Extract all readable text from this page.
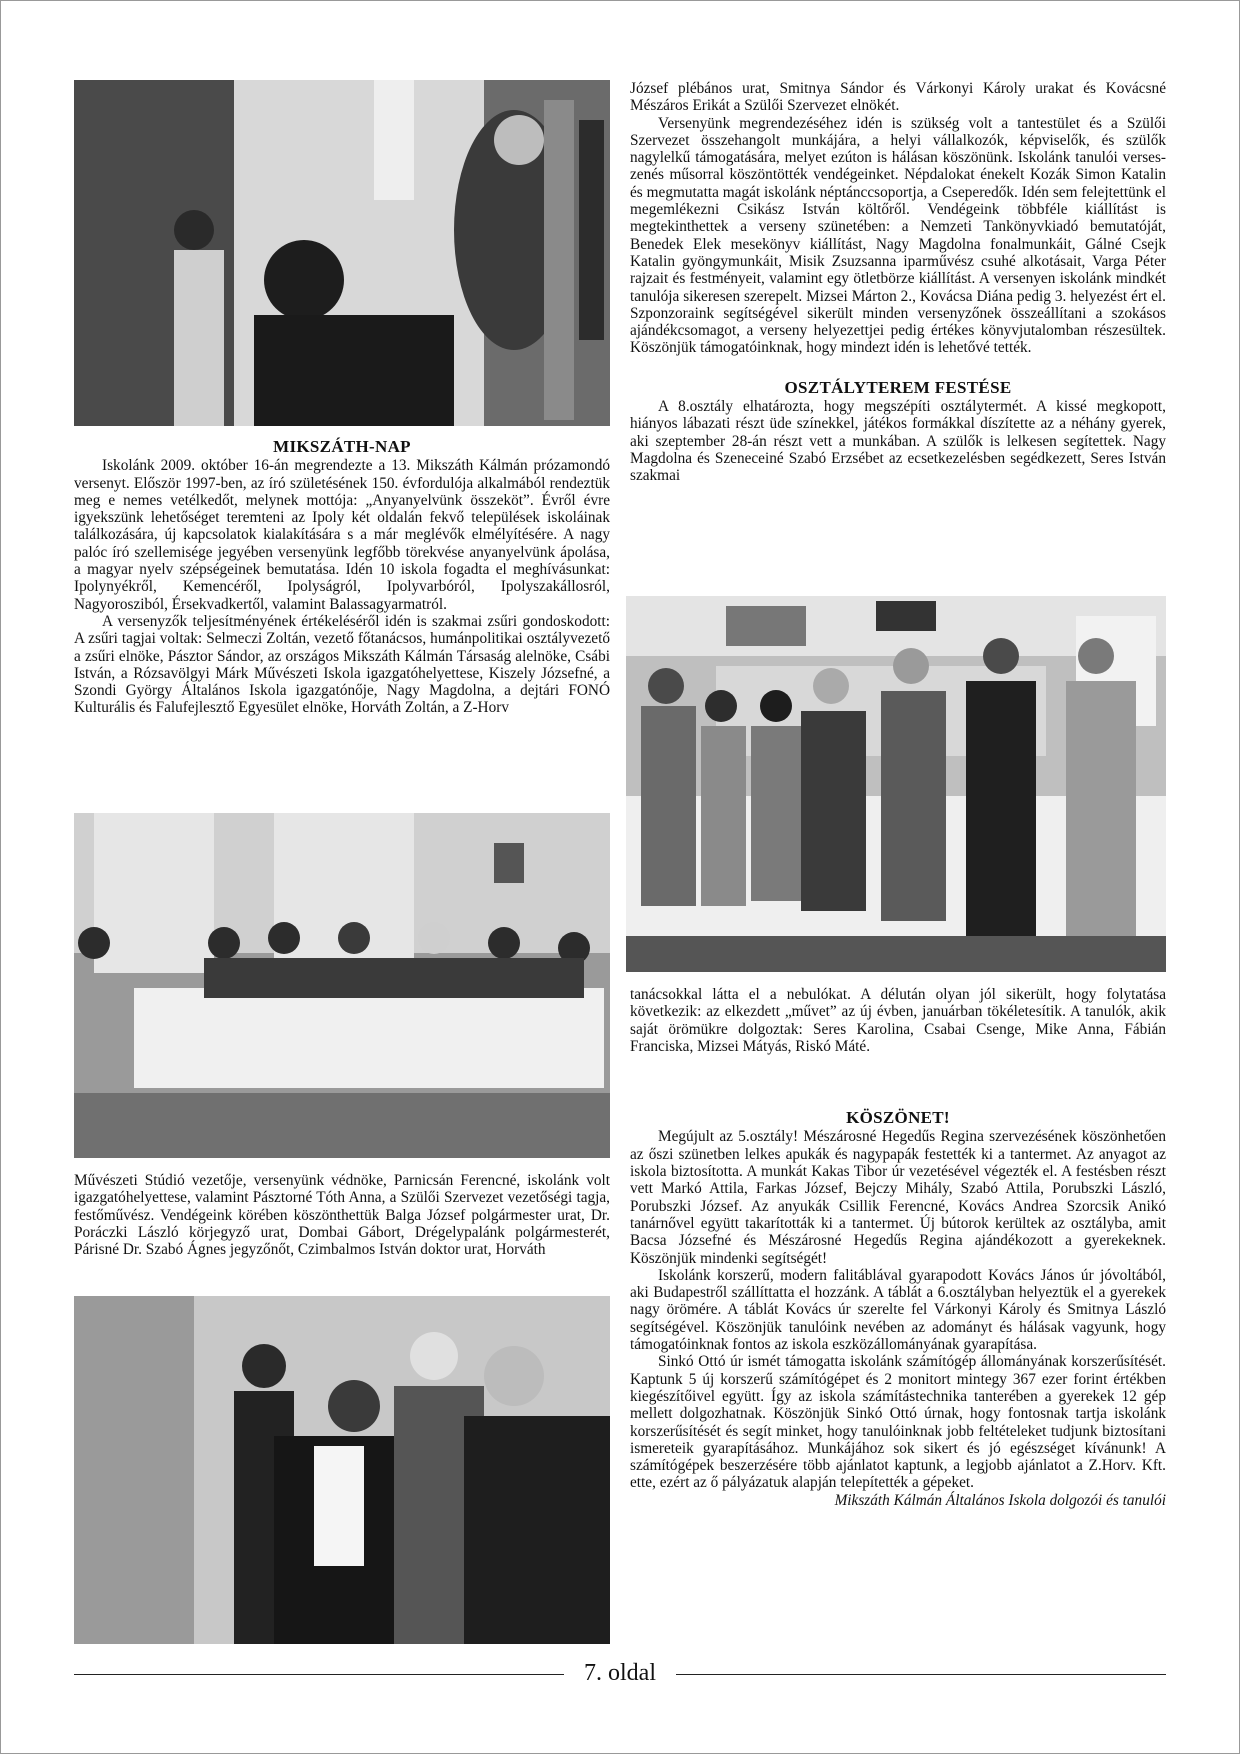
MIKSZÁTH-NAP

Iskolánk 2009. október 16-án megrendezte a 13. Mikszáth Kálmán prózamondó versenyt. Először 1997-ben, az író születésének 150. évfordulója alkalmából rendeztük meg e nemes vetélkedőt, melynek mottója: „Anyanyelvünk összeköt”. Évről évre igyekszünk lehetőséget teremteni az Ipoly két oldalán fekvő települések iskoláinak találkozására, új kapcsolatok kialakítására s a már meglévők elmélyítésére. A nagy palóc író szellemisége jegyében versenyünk legfőbb törekvése anyanyelvünk ápolása, a magyar nyelv szépségeinek bemutatása. Idén 10 iskola fogadta el meghívásunkat: Ipolynyékről, Kemencéről, Ipolyságról, Ipolyvarbóról, Ipolyszakállosról, Nagyorosziból, Érsekvadkertől, valamint Balassagyarmatról.

A versenyzők teljesítményének értékeléséről idén is szakmai zsűri gondoskodott: A zsűri tagjai voltak: Selmeczi Zoltán, vezető főtanácsos, humánpolitikai osztályvezető a zsűri elnöke, Pásztor Sándor, az országos Mikszáth Kálmán Társaság alelnöke, Csábi István, a Rózsavölgyi Márk Művészeti Iskola igazgatóhelyettese, Kiszely Józsefné, a Szondi György Általános Iskola igazgatónője, Nagy Magdolna, a dejtári FONÓ Kulturális és Falufejlesztő Egyesület elnöke, Horváth Zoltán, a Z-Horv

Művészeti Stúdió vezetője, versenyünk védnöke, Parnicsán Ferencné, iskolánk volt igazgatóhelyettese, valamint Pásztorné Tóth Anna, a Szülői Szervezet vezetőségi tagja, festőművész. Vendégeink körében köszönthettük Balga József polgármester urat, Dr. Poráczki László körjegyző urat, Dombai Gábort, Drégelypalánk polgármesterét, Párisné Dr. Szabó Ágnes jegyzőnőt, Czimbalmos István doktor urat, Horváth

József plébános urat, Smitnya Sándor és Várkonyi Károly urakat és Kovácsné Mészáros Erikát a Szülői Szervezet elnökét.

Versenyünk megrendezéséhez idén is szükség volt a tantestület és a Szülői Szervezet összehangolt munkájára, a helyi vállalkozók, képviselők, és szülők nagylelkű támogatására, melyet ezúton is hálásan köszönünk. Iskolánk tanulói verses-zenés műsorral köszöntötték vendégeinket. Népdalokat énekelt Kozák Simon Katalin és megmutatta magát iskolánk néptánccsoportja, a Cseperedők. Idén sem felejtettünk el megemlékezni Csikász István költőről. Vendégeink többféle kiállítást is megtekinthettek a verseny szünetében: a Nemzeti Tankönyvkiadó bemutatóját, Benedek Elek mesekönyv kiállítást, Nagy Magdolna fonalmunkáit, Gálné Csejk Katalin gyöngymunkáit, Misik Zsuzsanna iparművész csuhé alkotásait, Varga Péter rajzait és festményeit, valamint egy ötletbörze kiállítást. A versenyen iskolánk mindkét tanulója sikeresen szerepelt. Mizsei Márton 2., Kovácsa Diána pedig 3. helyezést ért el. Szponzoraink segítségével sikerült minden versenyzőnek összeállítani a szokásos ajándékcsomagot, a verseny helyezettjei pedig értékes könyvjutalomban részesültek. Köszönjük támogatóinknak, hogy mindezt idén is lehetővé tették.

OSZTÁLYTEREM FESTÉSE

A 8.osztály elhatározta, hogy megszépíti osztálytermét. A kissé megkopott, hiányos lábazati részt üde színekkel, játékos formákkal díszítette az a néhány gyerek, aki szeptember 28-án részt vett a munkában. A szülők is lelkesen segítettek. Nagy Magdolna és Szeneceiné Szabó Erzsébet az ecsetkezelésben segédkezett, Seres István szakmai

tanácsokkal látta el a nebulókat. A délután olyan jól sikerült, hogy folytatása következik: az elkezdett „művet” az új évben, januárban tökéletesítik. A tanulók, akik saját örömükre dolgoztak: Seres Karolina, Csabai Csenge, Mike Anna, Fábián Franciska, Mizsei Mátyás, Riskó Máté.

KÖSZÖNET!

Megújult az 5.osztály! Mészárosné Hegedűs Regina szervezésének köszönhetően az őszi szünetben lelkes apukák és nagypapák festették ki a tantermet. Az anyagot az iskola biztosította. A munkát Kakas Tibor úr vezetésével végezték el. A festésben részt vett Markó Attila, Farkas József, Bejczy Mihály, Szabó Attila, Porubszki László, Porubszki József. Az anyukák Csillik Ferencné, Kovács Andrea Szorcsik Anikó tanárnővel együtt takarították ki a tantermet. Új bútorok kerültek az osztályba, amit Bacsa Józsefné és Mészárosné Hegedűs Regina ajándékozott a gyerekeknek. Köszönjük mindenki segítségét!

Iskolánk korszerű, modern falitáblával gyarapodott Kovács János úr jóvoltából, aki Budapestről szállíttatta el hozzánk. A táblát a 6.osztályban helyeztük el a gyerekek nagy örömére. A táblát Kovács úr szerelte fel Várkonyi Károly és Smitnya László segítségével. Köszönjük tanulóink nevében az adományt és hálásak vagyunk, hogy támogatóinknak fontos az iskola eszközállományának gyarapítása.

Sinkó Ottó úr ismét támogatta iskolánk számítógép állományának korszerűsítését. Kaptunk 5 új korszerű számítógépet és 2 monitort mintegy 367 ezer forint értékben kiegészítőivel együtt. Így az iskola számítástechnika tanterében a gyerekek 12 gép mellett dolgozhatnak. Köszönjük Sinkó Ottó úrnak, hogy fontosnak tartja iskolánk korszerűsítését és segít minket, hogy tanulóinknak jobb feltételeket tudjunk biztosítani ismereteik gyarapításához. Munkájához sok sikert és jó egészséget kívánunk! A számítógépek beszerzésére több ajánlatot kaptunk, a legjobb ajánlatot a Z.Horv. Kft. ette, ezért az ő pályázatuk alapján telepítették a gépeket.

Mikszáth Kálmán Általános Iskola dolgozói és tanulói

7. oldal
